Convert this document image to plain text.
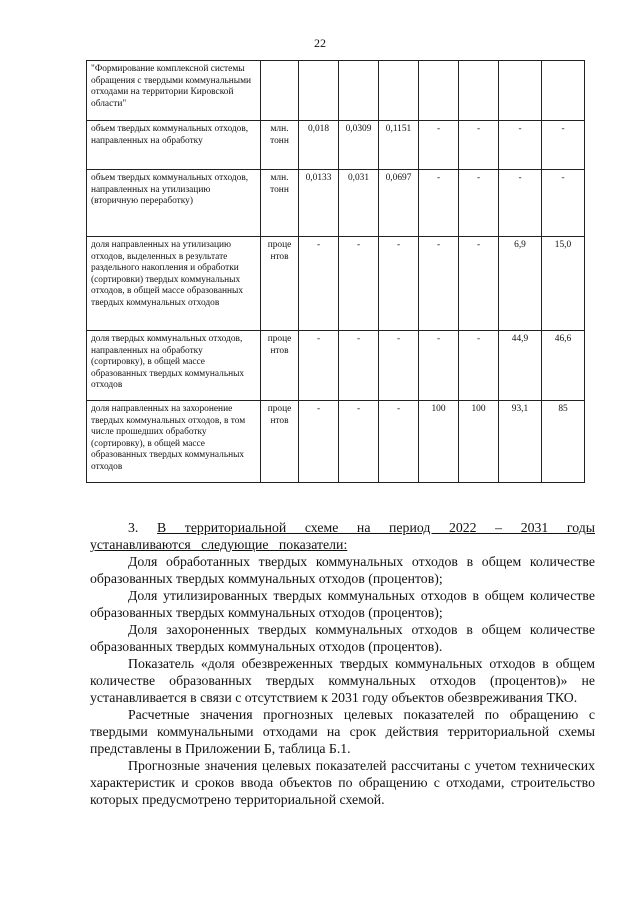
22
"Формирование комплексной системы обращения с твердыми коммунальными отходами на территории Кировской области"								
объем твердых коммунальных отходов, направленных на обработку	млн. тонн	0,018	0,0309	0,1151	-	-	-	-
объем твердых коммунальных отходов, направленных на утилизацию (вторичную переработку)	млн. тонн	0,0133	0,031	0,0697	-	-	-	-
доля направленных на утилизацию отходов, выделенных в результате раздельного накопления и обработки (сортировки) твердых коммунальных отходов, в общей массе образованных твердых коммунальных отходов	проце нтов	-	-	-	-	-	6,9	15,0
доля твердых коммунальных отходов, направленных на обработку (сортировку), в общей массе образованных твердых коммунальных отходов	проце нтов	-	-	-	-	-	44,9	46,6
доля направленных на захоронение твердых коммунальных отходов, в том числе прошедших обработку (сортировку), в общей массе образованных твердых коммунальных отходов	проце нтов	-	-	-	100	100	93,1	85

3. В территориальной схеме на период 2022 – 2031 годы устанавливаются следующие показатели:

Доля обработанных твердых коммунальных отходов в общем количестве образованных твердых коммунальных отходов (процентов);

Доля утилизированных твердых коммунальных отходов в общем количестве образованных твердых коммунальных отходов (процентов);

Доля захороненных твердых коммунальных отходов в общем количестве образованных твердых коммунальных отходов (процентов).

Показатель «доля обезвреженных твердых коммунальных отходов в общем количестве образованных твердых коммунальных отходов (процентов)» не устанавливается в связи с отсутствием к 2031 году объектов обезвреживания ТКО.

Расчетные значения прогнозных целевых показателей по обращению с твердыми коммунальными отходами на срок действия территориальной схемы представлены в Приложении Б, таблица Б.1.

Прогнозные значения целевых показателей рассчитаны с учетом технических характеристик и сроков ввода объектов по обращению с отходами, строительство которых предусмотрено территориальной схемой.
